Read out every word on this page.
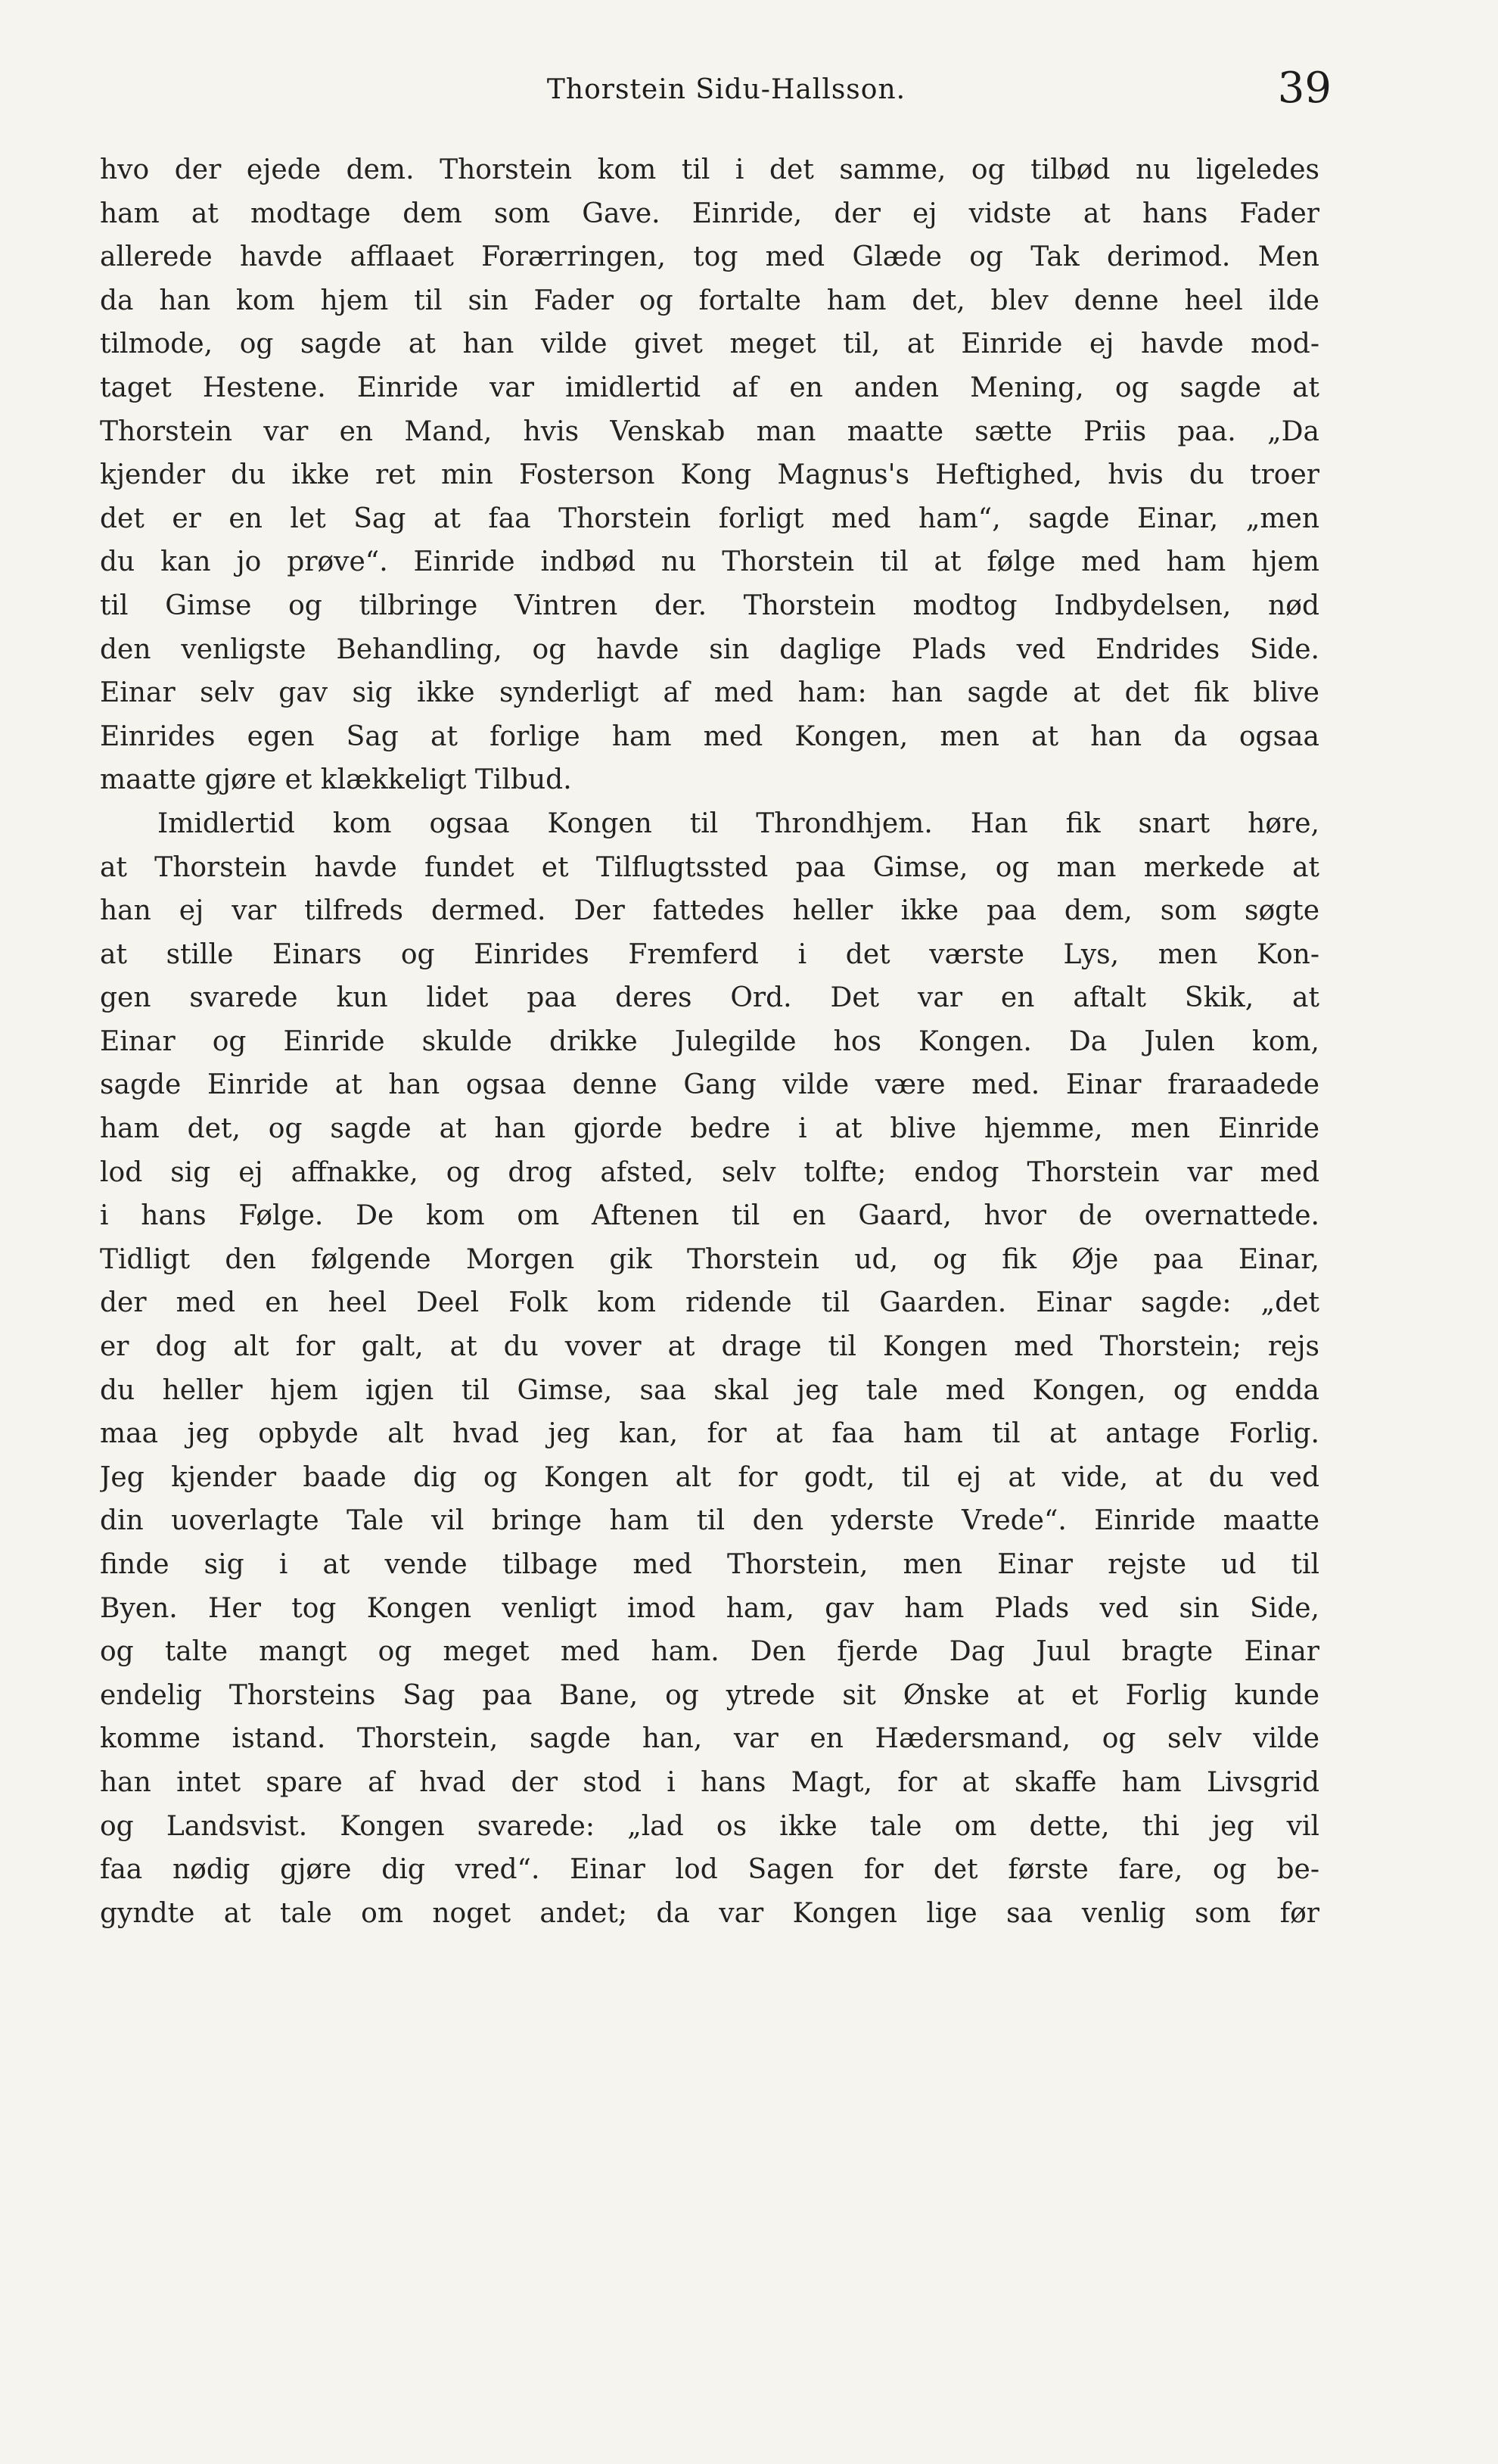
Thorstein Sidu-Hallsson.	39
hvo der ejede dem. Thorstein kom til i det samme, og tilbød nu ligeledes
ham at modtage dem som Gave. Einride, der ej vidste at hans Fader
allerede havde afflaaet Forærringen, tog med Glæde og Tak derimod. Men
da han kom hjem til sin Fader og fortalte ham det, blev denne heel ilde
tilmode, og sagde at han vilde givet meget til, at Einride ej havde mod-
taget Hestene. Einride var imidlertid af en anden Mening, og sagde at
Thorstein var en Mand, hvis Venskab man maatte sætte Priis paa. „Da
kjender du ikke ret min Fosterson Kong Magnus's Heftighed, hvis du troer
det er en let Sag at faa Thorstein forligt med ham“, sagde Einar, „men
du kan jo prøve“. Einride indbød nu Thorstein til at følge med ham hjem
til Gimse og tilbringe Vintren der. Thorstein modtog Indbydelsen, nød
den venligste Behandling, og havde sin daglige Plads ved Endrides Side.
Einar selv gav sig ikke synderligt af med ham: han sagde at det fik blive
Einrides egen Sag at forlige ham med Kongen, men at han da ogsaa
maatte gjøre et klækkeligt Tilbud.
Imidlertid kom ogsaa Kongen til Throndhjem. Han fik snart høre,
at Thorstein havde fundet et Tilflugtssted paa Gimse, og man merkede at
han ej var tilfreds dermed. Der fattedes heller ikke paa dem, som søgte
at stille Einars og Einrides Fremferd i det værste Lys, men Kon-
gen svarede kun lidet paa deres Ord. Det var en aftalt Skik, at
Einar og Einride skulde drikke Julegilde hos Kongen. Da Julen kom,
sagde Einride at han ogsaa denne Gang vilde være med. Einar fraraadede
ham det, og sagde at han gjorde bedre i at blive hjemme, men Einride
lod sig ej affnakke, og drog afsted, selv tolfte; endog Thorstein var med
i hans Følge. De kom om Aftenen til en Gaard, hvor de overnattede.
Tidligt den følgende Morgen gik Thorstein ud, og fik Øje paa Einar,
der med en heel Deel Folk kom ridende til Gaarden. Einar sagde: „det
er dog alt for galt, at du vover at drage til Kongen med Thorstein; rejs
du heller hjem igjen til Gimse, saa skal jeg tale med Kongen, og endda
maa jeg opbyde alt hvad jeg kan, for at faa ham til at antage Forlig.
Jeg kjender baade dig og Kongen alt for godt, til ej at vide, at du ved
din uoverlagte Tale vil bringe ham til den yderste Vrede“. Einride maatte
finde sig i at vende tilbage med Thorstein, men Einar rejste ud til
Byen. Her tog Kongen venligt imod ham, gav ham Plads ved sin Side,
og talte mangt og meget med ham. Den fjerde Dag Juul bragte Einar
endelig Thorsteins Sag paa Bane, og ytrede sit Ønske at et Forlig kunde
komme istand. Thorstein, sagde han, var en Hædersmand, og selv vilde
han intet spare af hvad der stod i hans Magt, for at skaffe ham Livsgrid
og Landsvist. Kongen svarede: „lad os ikke tale om dette, thi jeg vil
faa nødig gjøre dig vred“. Einar lod Sagen for det første fare, og be-
gyndte at tale om noget andet; da var Kongen lige saa venlig som før
